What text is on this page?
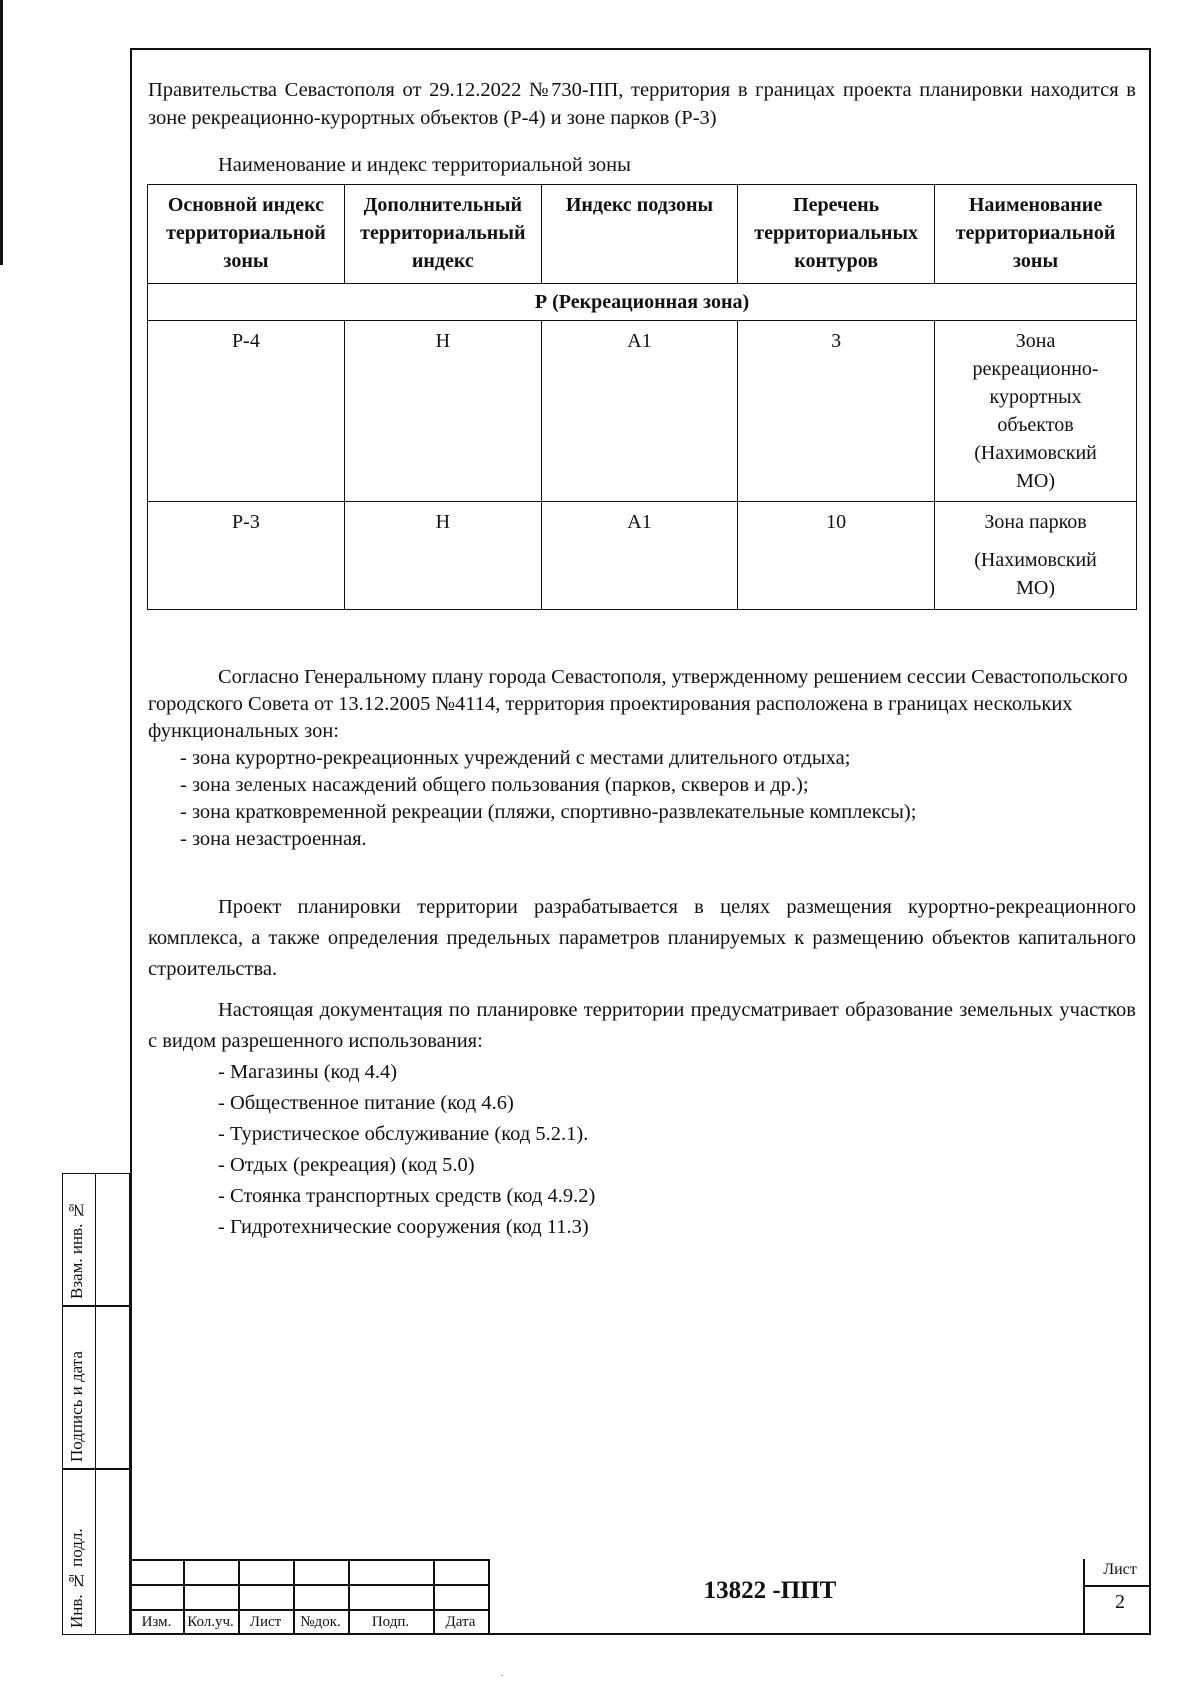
Правительства Севастополя от 29.12.2022 №730-ПП, территория в границах проекта планировки находится в зоне рекреационно-курортных объектов (Р-4) и зоне парков (Р-3)

Наименование и индекс территориальной зоны
Основной индекс территориальной зоны	Дополнительный территориальный индекс	Индекс подзоны	Перечень территориальных контуров	Наименование территориальной зоны
Р (Рекреационная зона)				
Р-4	Н	А1	3	Зона рекреационно-курортных объектов (Нахимовский МО)
Р-3	Н	А1	10	Зона парков
(Нахимовский МО)

Согласно Генеральному плану города Севастополя, утвержденному решением сессии Севастопольского городского Совета от 13.12.2005 №4114, территория проектирования расположена в границах нескольких функциональных зон:

- зона курортно-рекреационных учреждений с местами длительного отдыха;

- зона зеленых насаждений общего пользования (парков, скверов и др.);

- зона кратковременной рекреации (пляжи, спортивно-развлекательные комплексы);

- зона незастроенная.

Проект планировки территории разрабатывается в целях размещения курортно-рекреационного комплекса, а также определения предельных параметров планируемых к размещению объектов капитального строительства.

Настоящая документация по планировке территории предусматривает образование земельных участков с видом разрешенного использования:

- Магазины (код 4.4)

- Общественное питание (код 4.6)

- Туристическое обслуживание (код 5.2.1).

- Отдых (рекреация) (код 5.0)

- Стоянка транспортных средств (код 4.9.2)

- Гидротехнические сооружения (код 11.3)

Взам. инв. №
Подпись и дата
Инв. № подл.	Изм.	Кол.уч.	Лист	№док.	Подп.	Дата
13822 -ППТ
Лист
2
·
